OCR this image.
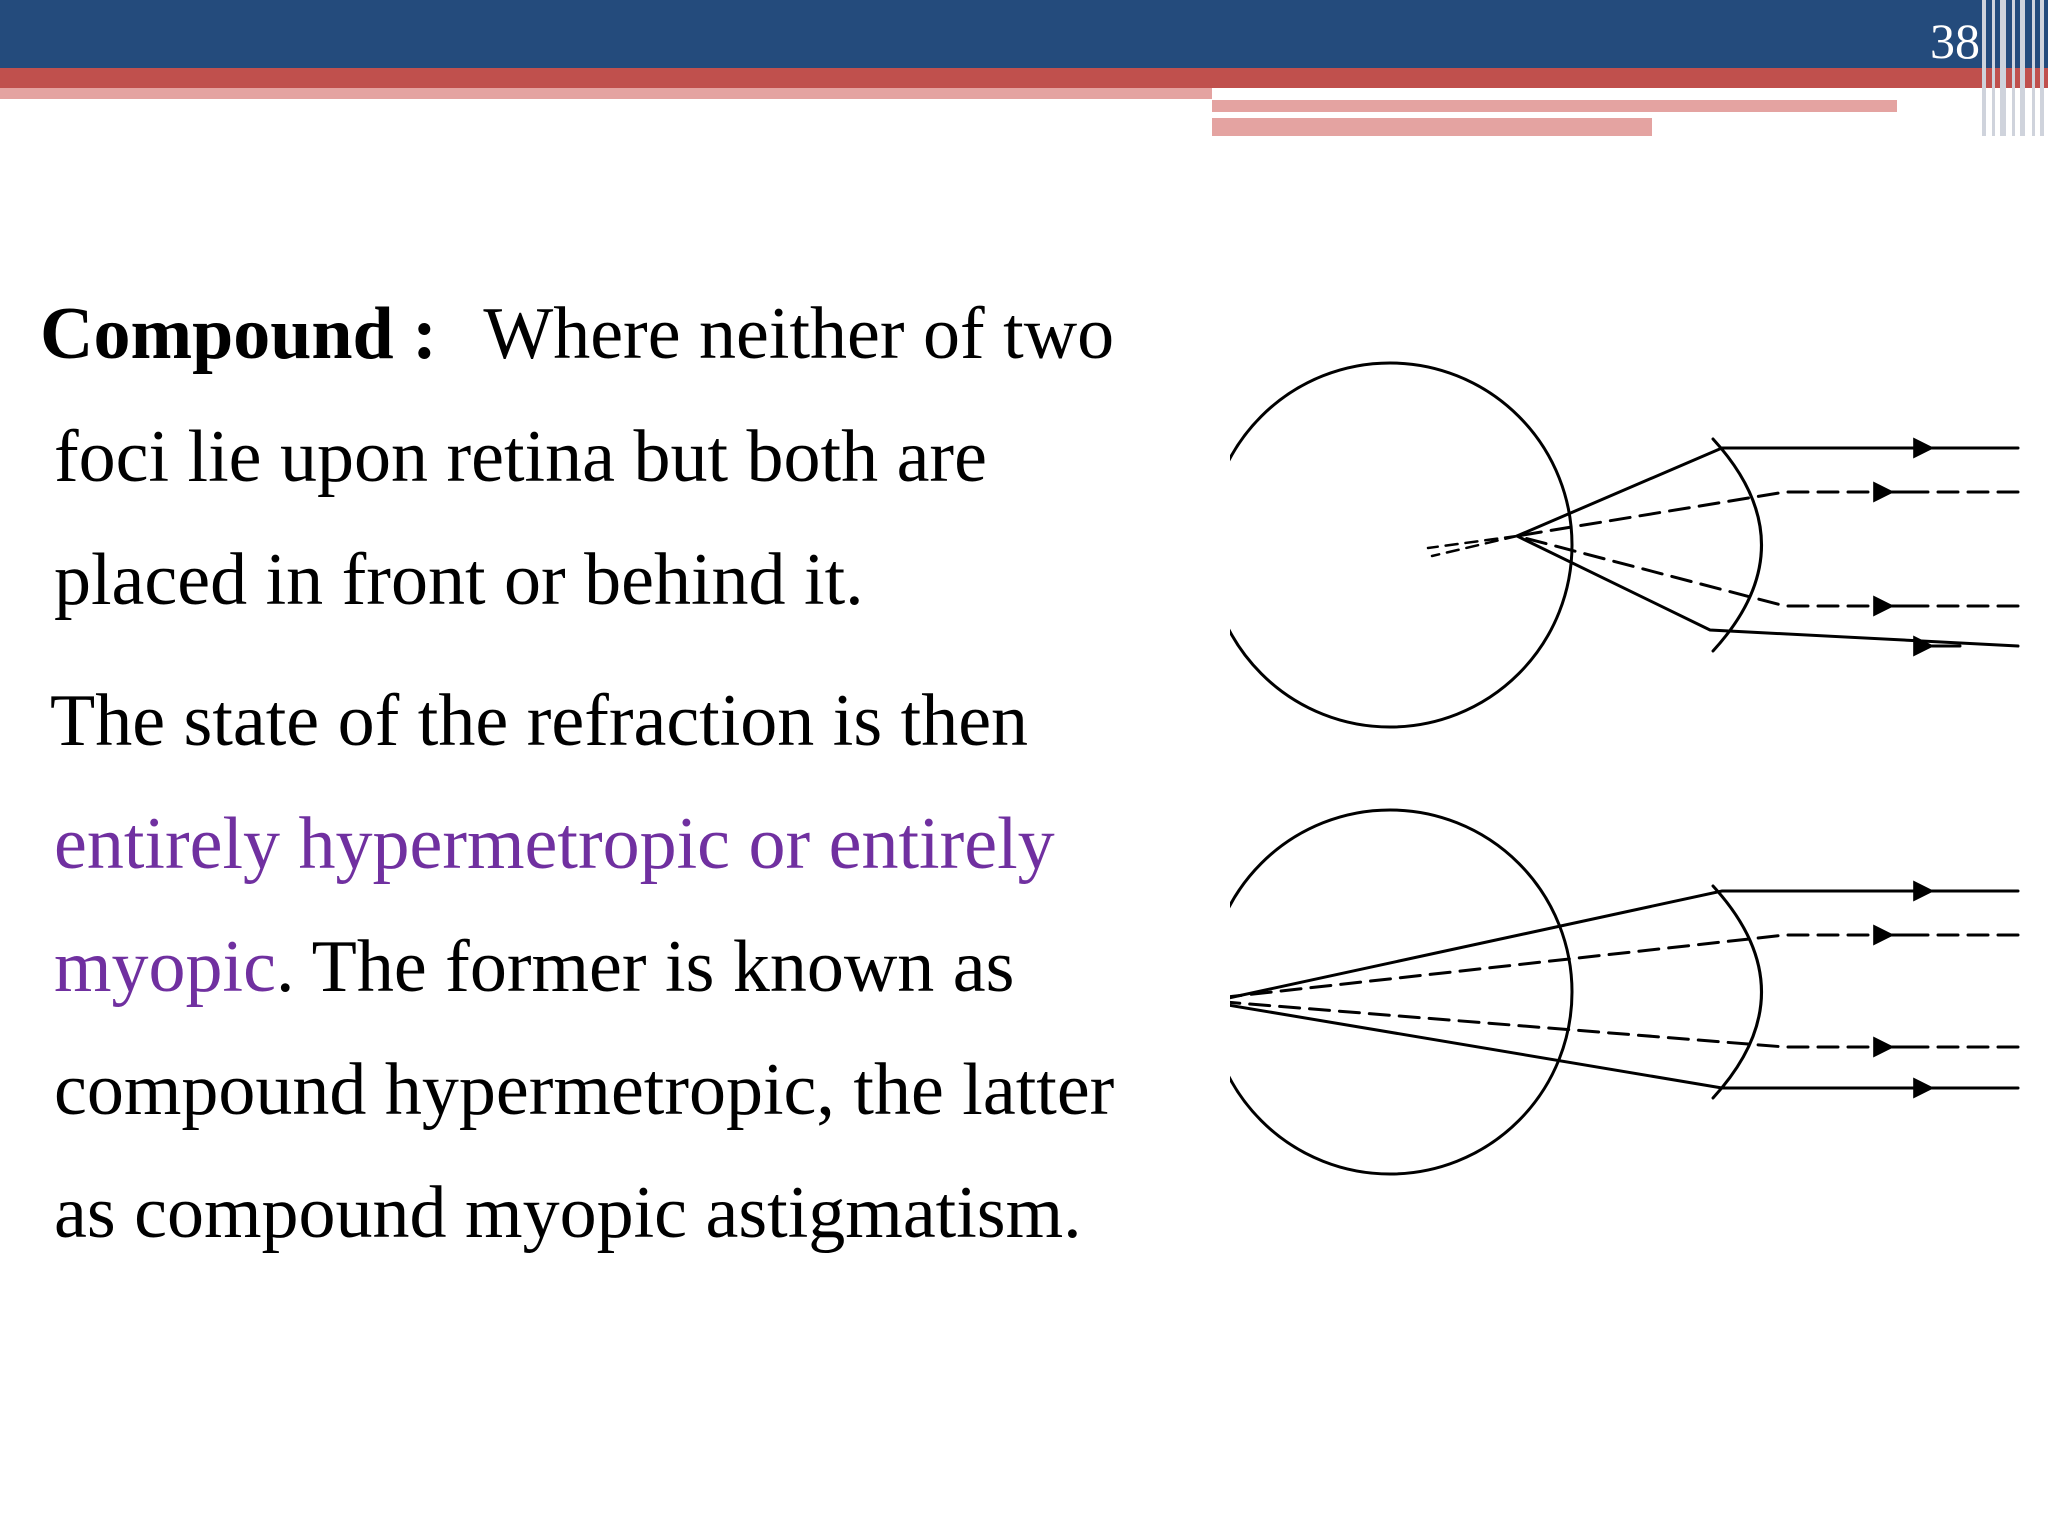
38
Compound : Where neither of two
foci lie upon retina but both are
placed in front or behind it.
The state of the refraction is then
entirely hypermetropic or entirely
myopic. The former is known as
compound hypermetropic, the latter
as compound myopic astigmatism.
